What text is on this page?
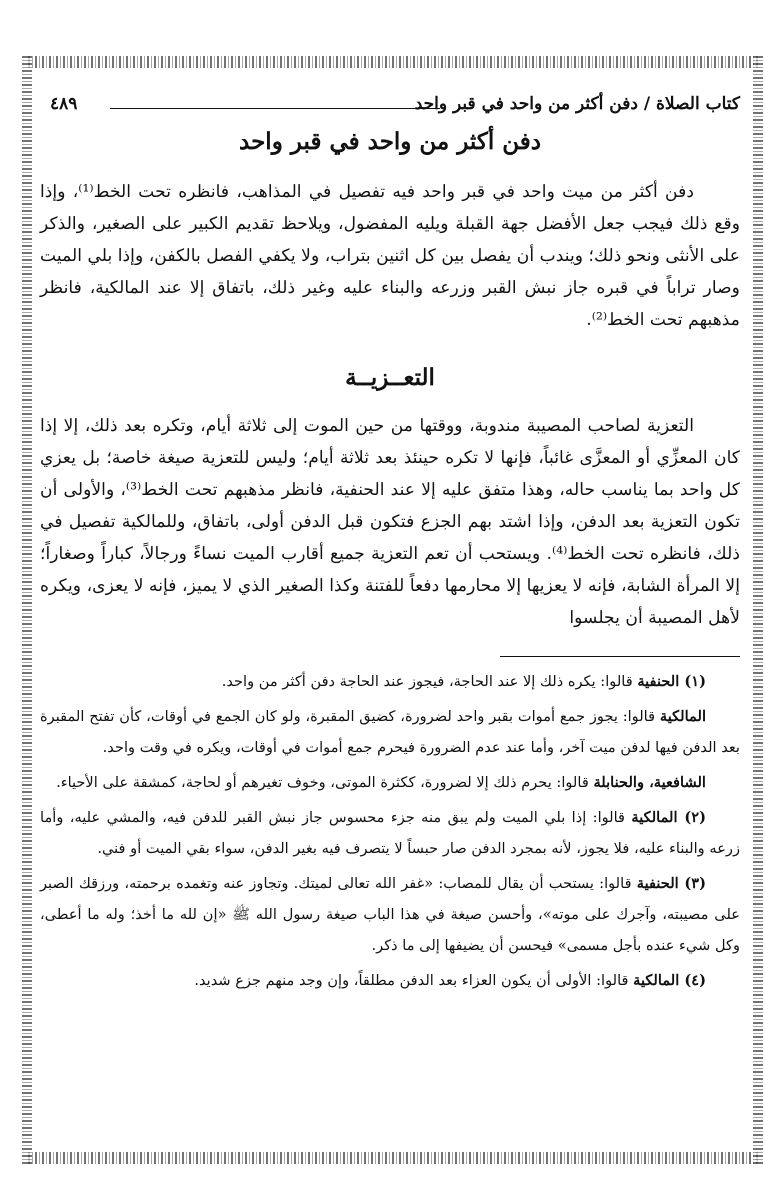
كتاب الصلاة / دفن أكثر من واحد في قبر واحد
٤٨٩
دفن أكثر من واحد في قبر واحد

دفن أكثر من ميت واحد في قبر واحد فيه تفصيل في المذاهب، فانظره تحت الخط⁽¹⁾، وإذا وقع ذلك فيجب جعل الأفضل جهة القبلة ويليه المفضول، ويلاحظ تقديم الكبير على الصغير، والذكر على الأنثى ونحو ذلك؛ ويندب أن يفصل بين كل اثنين بتراب، ولا يكفي الفصل بالكفن، وإذا بلي الميت وصار تراباً في قبره جاز نبش القبر وزرعه والبناء عليه وغير ذلك، باتفاق إلا عند المالكية، فانظر مذهبهم تحت الخط⁽²⁾.

التعــزيــة

التعزية لصاحب المصيبة مندوبة، ووقتها من حين الموت إلى ثلاثة أيام، وتكره بعد ذلك، إلا إذا كان المعزِّي أو المعزَّى غائباً، فإنها لا تكره حينئذ بعد ثلاثة أيام؛ وليس للتعزية صيغة خاصة؛ بل يعزي كل واحد بما يناسب حاله، وهذا متفق عليه إلا عند الحنفية، فانظر مذهبهم تحت الخط⁽³⁾، والأولى أن تكون التعزية بعد الدفن، وإذا اشتد بهم الجزع فتكون قبل الدفن أولى، باتفاق، وللمالكية تفصيل في ذلك، فانظره تحت الخط⁽⁴⁾. ويستحب أن تعم التعزية جميع أقارب الميت نساءً ورجالاً، كباراً وصغاراً؛ إلا المرأة الشابة، فإنه لا يعزيها إلا محارمها دفعاً للفتنة وكذا الصغير الذي لا يميز، فإنه لا يعزى، ويكره لأهل المصيبة أن يجلسوا

(١) الحنفية قالوا: يكره ذلك إلا عند الحاجة، فيجوز عند الحاجة دفن أكثر من واحد.

المالكية قالوا: يجوز جمع أموات بقبر واحد لضرورة، كضيق المقبرة، ولو كان الجمع في أوقات، كأن تفتح المقبرة بعد الدفن فيها لدفن ميت آخر، وأما عند عدم الضرورة فيحرم جمع أموات في أوقات، ويكره في وقت واحد.

الشافعية، والحنابلة قالوا: يحرم ذلك إلا لضرورة، ككثرة الموتى، وخوف تغيرهم أو لحاجة، كمشقة على الأحياء.

(٢) المالكية قالوا: إذا بلي الميت ولم يبق منه جزء محسوس جاز نبش القبر للدفن فيه، والمشي عليه، وأما زرعه والبناء عليه، فلا يجوز، لأنه بمجرد الدفن صار حبساً لا يتصرف فيه بغير الدفن، سواء بقي الميت أو فني.

(٣) الحنفية قالوا: يستحب أن يقال للمصاب: «غفر الله تعالى لميتك. وتجاوز عنه وتغمده برحمته، ورزقك الصبر على مصيبته، وآجرك على موته»، وأحسن صيغة في هذا الباب صيغة رسول الله ﷺ «إن لله ما أخذ؛ وله ما أعطى، وكل شيء عنده بأجل مسمى» فيحسن أن يضيفها إلى ما ذكر.

(٤) المالكية قالوا: الأولى أن يكون العزاء بعد الدفن مطلقاً، وإن وجد منهم جزع شديد.
